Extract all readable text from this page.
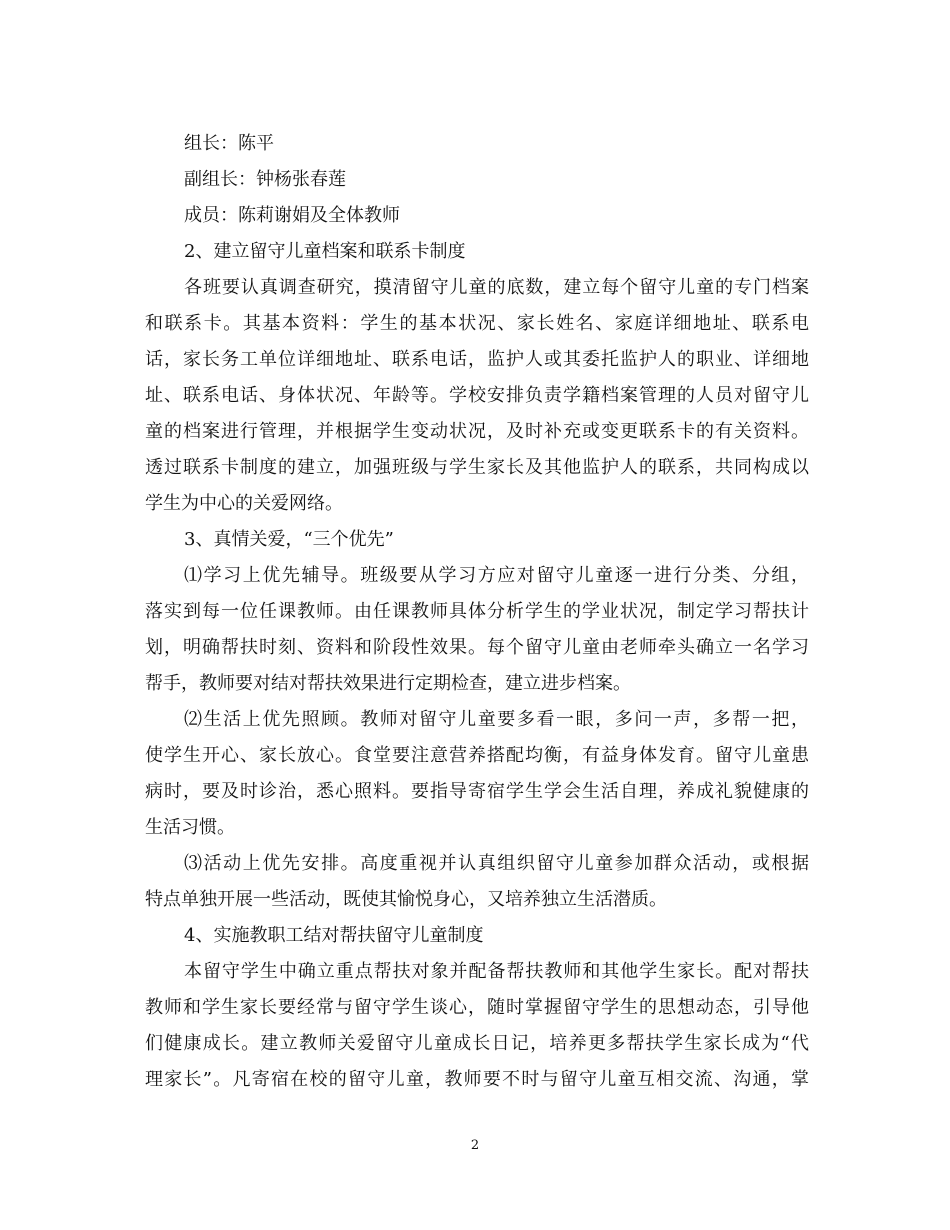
组长：陈平
副组长：钟杨张春莲
成员：陈莉谢娟及全体教师
2、建立留守儿童档案和联系卡制度
各班要认真调查研究，摸清留守儿童的底数，建立每个留守儿童的专门档案
和联系卡。其基本资料：学生的基本状况、家长姓名、家庭详细地址、联系电
话，家长务工单位详细地址、联系电话，监护人或其委托监护人的职业、详细地
址、联系电话、身体状况、年龄等。学校安排负责学籍档案管理的人员对留守儿
童的档案进行管理，并根据学生变动状况，及时补充或变更联系卡的有关资料。
透过联系卡制度的建立，加强班级与学生家长及其他监护人的联系，共同构成以
学生为中心的关爱网络。
3、真情关爱，“三个优先”
⑴学习上优先辅导。班级要从学习方应对留守儿童逐一进行分类、分组，
落实到每一位任课教师。由任课教师具体分析学生的学业状况，制定学习帮扶计
划，明确帮扶时刻、资料和阶段性效果。每个留守儿童由老师牵头确立一名学习
帮手，教师要对结对帮扶效果进行定期检查，建立进步档案。
⑵生活上优先照顾。教师对留守儿童要多看一眼，多问一声，多帮一把，
使学生开心、家长放心。食堂要注意营养搭配均衡，有益身体发育。留守儿童患
病时，要及时诊治，悉心照料。要指导寄宿学生学会生活自理，养成礼貌健康的
生活习惯。
⑶活动上优先安排。高度重视并认真组织留守儿童参加群众活动，或根据
特点单独开展一些活动，既使其愉悦身心，又培养独立生活潜质。
4、实施教职工结对帮扶留守儿童制度
本留守学生中确立重点帮扶对象并配备帮扶教师和其他学生家长。配对帮扶
教师和学生家长要经常与留守学生谈心，随时掌握留守学生的思想动态，引导他
们健康成长。建立教师关爱留守儿童成长日记，培养更多帮扶学生家长成为“代
理家长”。凡寄宿在校的留守儿童，教师要不时与留守儿童互相交流、沟通，掌
2
